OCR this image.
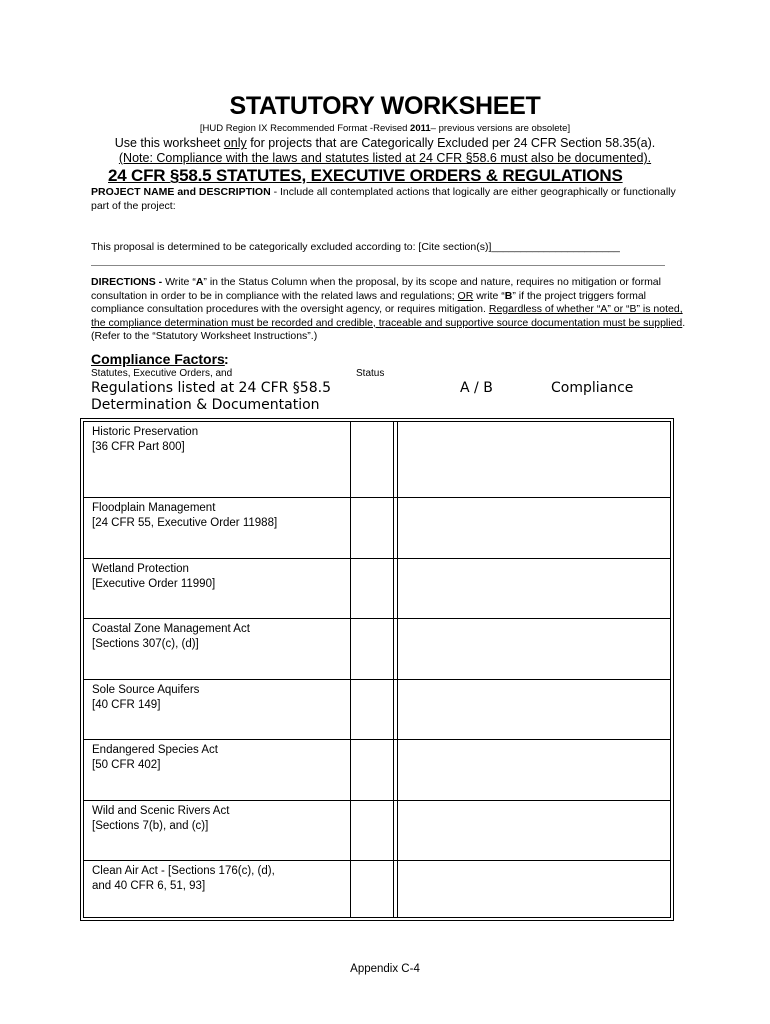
STATUTORY WORKSHEET
[HUD Region IX Recommended Format -Revised 2011– previous versions are obsolete]
Use this worksheet only for projects that are Categorically Excluded per 24 CFR Section 58.35(a).
(Note: Compliance with the laws and statutes listed at 24 CFR §58.6 must also be documented).
24 CFR §58.5 STATUTES, EXECUTIVE ORDERS & REGULATIONS
PROJECT NAME and DESCRIPTION - Include all contemplated actions that logically are either geographically or functionally part of the project:
This proposal is determined to be categorically excluded according to: [Cite section(s)]______________________
DIRECTIONS - Write “A” in the Status Column when the proposal, by its scope and nature, requires no mitigation or formal consultation in order to be in compliance with the related laws and regulations; OR write “B” if the project triggers formal compliance consultation procedures with the oversight agency, or requires mitigation. Regardless of whether “A” or “B” is noted, the compliance determination must be recorded and credible, traceable and supportive source documentation must be supplied. (Refer to the “Statutory Worksheet Instructions”.)
Compliance Factors :
Statutes, Executive Orders, and	Status
Regulations listed at 24 CFR §58.5	A / B	Compliance
Determination & Documentation
Historic Preservation
[36 CFR Part 800]
Floodplain Management
[24 CFR 55, Executive Order 11988]
Wetland Protection
[Executive Order 11990]
Coastal Zone Management Act
[Sections 307(c), (d)]
Sole Source Aquifers
[40 CFR 149]
Endangered Species Act
[50 CFR 402]
Wild and Scenic Rivers Act
[Sections 7(b), and (c)]
Clean Air Act - [Sections 176(c), (d),
and 40 CFR 6, 51, 93]
Appendix C-4
